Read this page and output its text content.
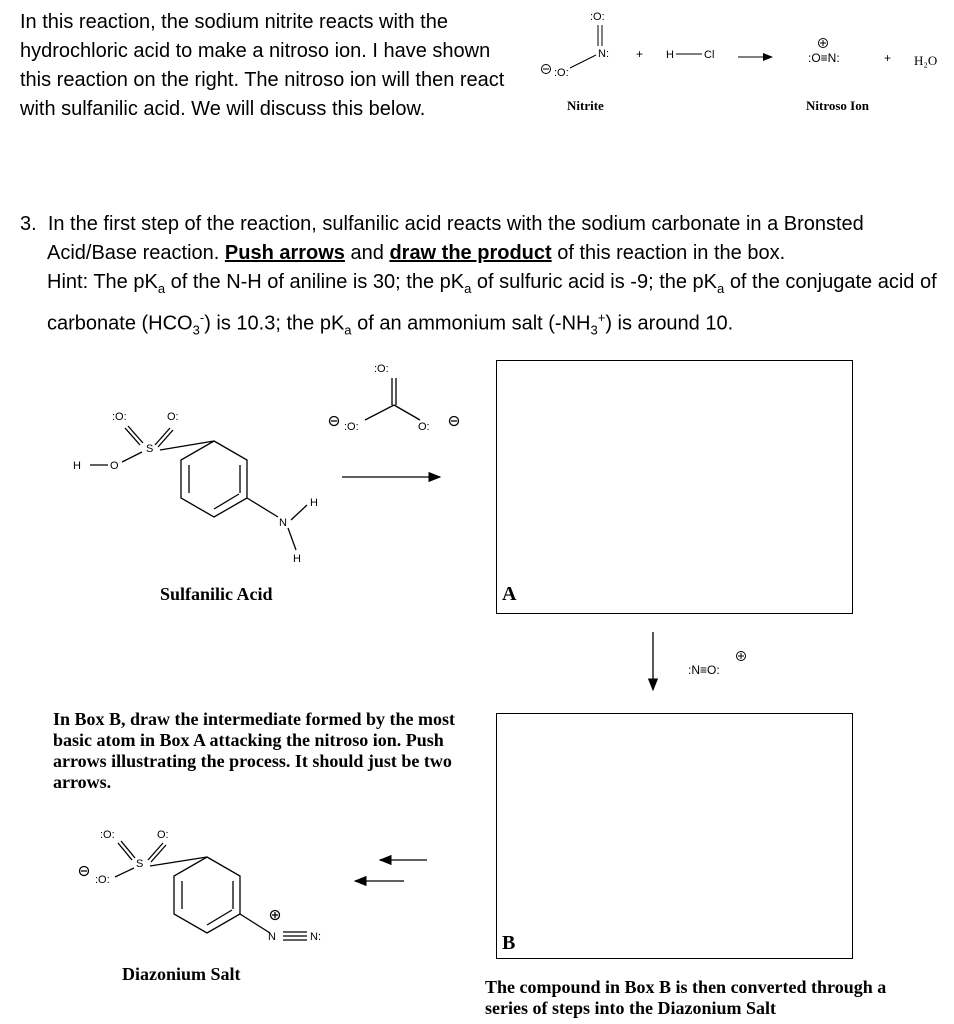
In this reaction, the sodium nitrite reacts with the hydrochloric acid to make a nitroso ion. I have shown this reaction on the right. The nitroso ion will then react with sulfanilic acid. We will discuss this below.
3. In the first step of the reaction, sulfanilic acid reacts with the sodium carbonate in a Bronsted Acid/Base reaction. Push arrows and draw the product of this reaction in the box.
Hint: The $pK_a$ of the N-H of aniline is 30; the $pK_a$ of sulfuric acid is -9; the $pK_a$ of the conjugate acid of carbonate $(HCO_3^-)$ is 10.3; the $pK_a$ of an ammonium salt $(-NH_3^+)$ is around 10.
A
B
Sulfanilic Acid
Diazonium Salt
In Box B, draw the intermediate formed by the most basic atom in Box A attacking the nitroso ion. Push arrows illustrating the process. It should just be two arrows.
The compound in Box B is then converted through a series of steps into the Diazonium Salt
Nitrite	Nitroso Ion
:O:
N:
:O:
+ H	Cl	:O≡N:	+ H₂O
S
:O:	O:
O
H
N
H
H
:O:
:O:	O:
:N≡O:
S
:O:	O:
:O:
N	N:
